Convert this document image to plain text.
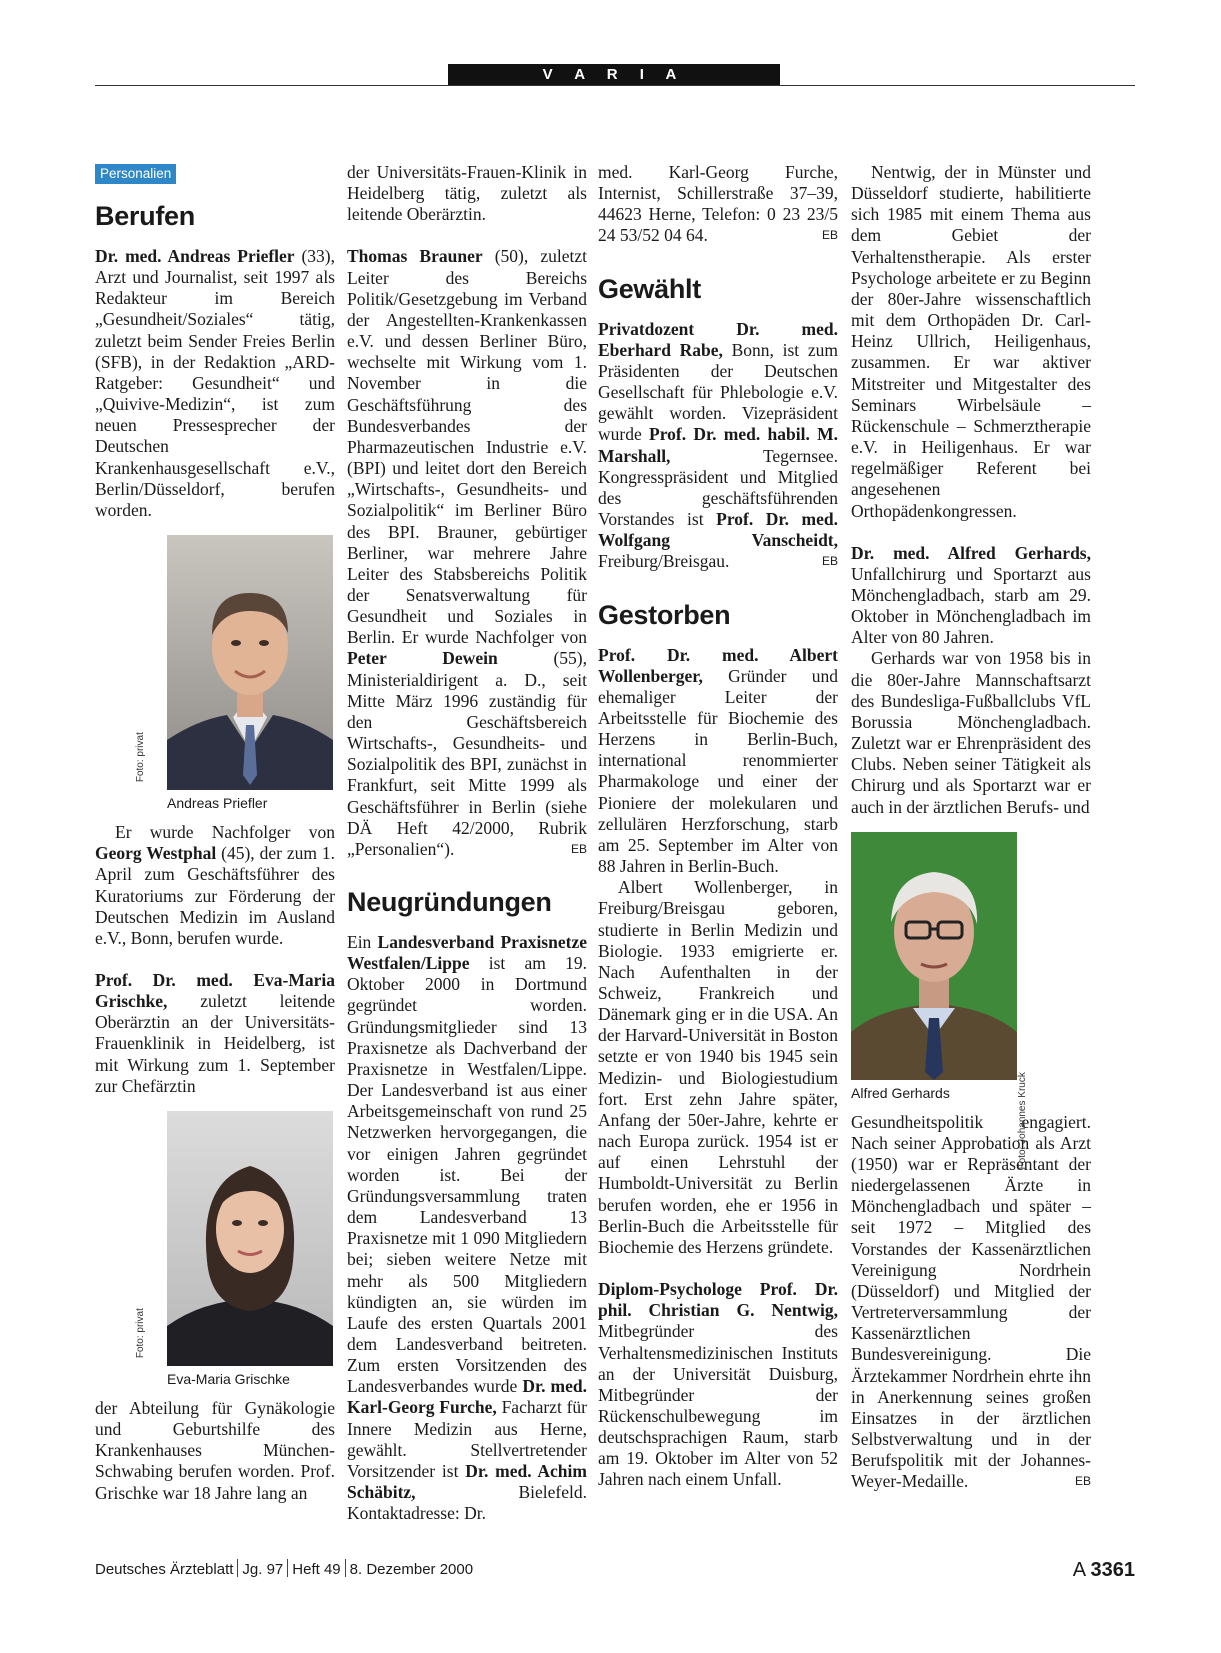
V A R I A
Personalien
Berufen

Dr. med. Andreas Priefler (33), Arzt und Journalist, seit 1997 als Redakteur im Bereich „Gesundheit/Soziales“ tätig, zuletzt beim Sender Freies Berlin (SFB), in der Redaktion „ARD-Ratgeber: Gesundheit“ und „Quivive-Medizin“, ist zum neuen Pressesprecher der Deutschen Krankenhausgesellschaft e.V., Berlin/Düsseldorf, berufen worden.

Foto: privat
Andreas Priefler

Er wurde Nachfolger von Georg Westphal (45), der zum 1. April zum Geschäftsführer des Kuratoriums zur Förderung der Deutschen Medizin im Ausland e.V., Bonn, berufen wurde.

Prof. Dr. med. Eva-Maria Grischke, zuletzt leitende Oberärztin an der Universitäts-Frauenklinik in Heidelberg, ist mit Wirkung zum 1. September zur Chefärztin

Foto: privat
Eva-Maria Grischke

der Abteilung für Gynäkologie und Geburtshilfe des Krankenhauses München-Schwabing berufen worden. Prof. Grischke war 18 Jahre lang an

der Universitäts-Frauen-Klinik in Heidelberg tätig, zuletzt als leitende Oberärztin.

Thomas Brauner (50), zuletzt Leiter des Bereichs Politik/Gesetzgebung im Verband der Angestellten-Krankenkassen e.V. und dessen Berliner Büro, wechselte mit Wirkung vom 1. November in die Geschäftsführung des Bundesverbandes der Pharmazeutischen Industrie e.V. (BPI) und leitet dort den Bereich „Wirtschafts-, Gesundheits- und Sozialpolitik“ im Berliner Büro des BPI. Brauner, gebürtiger Berliner, war mehrere Jahre Leiter des Stabsbereichs Politik der Senatsverwaltung für Gesundheit und Soziales in Berlin. Er wurde Nachfolger von Peter Dewein (55), Ministerialdirigent a. D., seit Mitte März 1996 zuständig für den Geschäftsbereich Wirtschafts-, Gesundheits- und Sozialpolitik des BPI, zunächst in Frankfurt, seit Mitte 1999 als Geschäftsführer in Berlin (siehe DÄ Heft 42/2000, Rubrik „Personalien“).	EB

Neugründungen

Ein Landesverband Praxisnetze Westfalen/Lippe ist am 19. Oktober 2000 in Dortmund gegründet worden. Gründungsmitglieder sind 13 Praxisnetze als Dachverband der Praxisnetze in Westfalen/Lippe. Der Landesverband ist aus einer Arbeitsgemeinschaft von rund 25 Netzwerken hervorgegangen, die vor einigen Jahren gegründet worden ist. Bei der Gründungsversammlung traten dem Landesverband 13 Praxisnetze mit 1 090 Mitgliedern bei; sieben weitere Netze mit mehr als 500 Mitgliedern kündigten an, sie würden im Laufe des ersten Quartals 2001 dem Landesverband beitreten. Zum ersten Vorsitzenden des Landesverbandes wurde Dr. med. Karl-Georg Furche, Facharzt für Innere Medizin aus Herne, gewählt. Stellvertretender Vorsitzender ist Dr. med. Achim Schäbitz, Bielefeld. Kontaktadresse: Dr.

med. Karl-Georg Furche, Internist, Schillerstraße 37–39, 44623 Herne, Telefon: 0 23 23/5 24 53/52 04 64.	EB

Gewählt

Privatdozent Dr. med. Eberhard Rabe, Bonn, ist zum Präsidenten der Deutschen Gesellschaft für Phlebologie e.V. gewählt worden. Vizepräsident wurde Prof. Dr. med. habil. M. Marshall, Tegernsee. Kongresspräsident und Mitglied des geschäftsführenden Vorstandes ist Prof. Dr. med. Wolfgang Vanscheidt, Freiburg/Breisgau.	EB

Gestorben

Prof. Dr. med. Albert Wollenberger, Gründer und ehemaliger Leiter der Arbeitsstelle für Biochemie des Herzens in Berlin-Buch, international renommierter Pharmakologe und einer der Pioniere der molekularen und zellulären Herzforschung, starb am 25. September im Alter von 88 Jahren in Berlin-Buch.

Albert Wollenberger, in Freiburg/Breisgau geboren, studierte in Berlin Medizin und Biologie. 1933 emigrierte er. Nach Aufenthalten in der Schweiz, Frankreich und Dänemark ging er in die USA. An der Harvard-Universität in Boston setzte er von 1940 bis 1945 sein Medizin- und Biologiestudium fort. Erst zehn Jahre später, Anfang der 50er-Jahre, kehrte er nach Europa zurück. 1954 ist er auf einen Lehrstuhl der Humboldt-Universität zu Berlin berufen worden, ehe er 1956 in Berlin-Buch die Arbeitsstelle für Biochemie des Herzens gründete.

Diplom-Psychologe Prof. Dr. phil. Christian G. Nentwig, Mitbegründer des Verhaltensmedizinischen Instituts an der Universität Duisburg, Mitbegründer der Rückenschulbewegung im deutschsprachigen Raum, starb am 19. Oktober im Alter von 52 Jahren nach einem Unfall.

Nentwig, der in Münster und Düsseldorf studierte, habilitierte sich 1985 mit einem Thema aus dem Gebiet der Verhaltenstherapie. Als erster Psychologe arbeitete er zu Beginn der 80er-Jahre wissenschaftlich mit dem Orthopäden Dr. Carl-Heinz Ullrich, Heiligenhaus, zusammen. Er war aktiver Mitstreiter und Mitgestalter des Seminars Wirbelsäule – Rückenschule – Schmerztherapie e.V. in Heiligenhaus. Er war regelmäßiger Referent bei angesehenen Orthopädenkongressen.

Dr. med. Alfred Gerhards, Unfallchirurg und Sportarzt aus Mönchengladbach, starb am 29. Oktober in Mönchengladbach im Alter von 80 Jahren.

Gerhards war von 1958 bis in die 80er-Jahre Mannschaftsarzt des Bundesliga-Fußballclubs VfL Borussia Mönchengladbach. Zuletzt war er Ehrenpräsident des Clubs. Neben seiner Tätigkeit als Chirurg und als Sportarzt war er auch in der ärztlichen Berufs- und

Foto: Johannes Kruck
Alfred Gerhards

Gesundheitspolitik engagiert. Nach seiner Approbation als Arzt (1950) war er Repräsentant der niedergelassenen Ärzte in Mönchengladbach und später – seit 1972 – Mitglied des Vorstandes der Kassenärztlichen Vereinigung Nordrhein (Düsseldorf) und Mitglied der Vertreterversammlung der Kassenärztlichen Bundesvereinigung. Die Ärztekammer Nordrhein ehrte ihn in Anerkennung seines großen Einsatzes in der ärztlichen Selbstverwaltung und in der Berufspolitik mit der Johannes-Weyer-Medaille.	EB

Deutsches Ärzteblatt Jg. 97 Heft 49 8. Dezember 2000	A 3361
